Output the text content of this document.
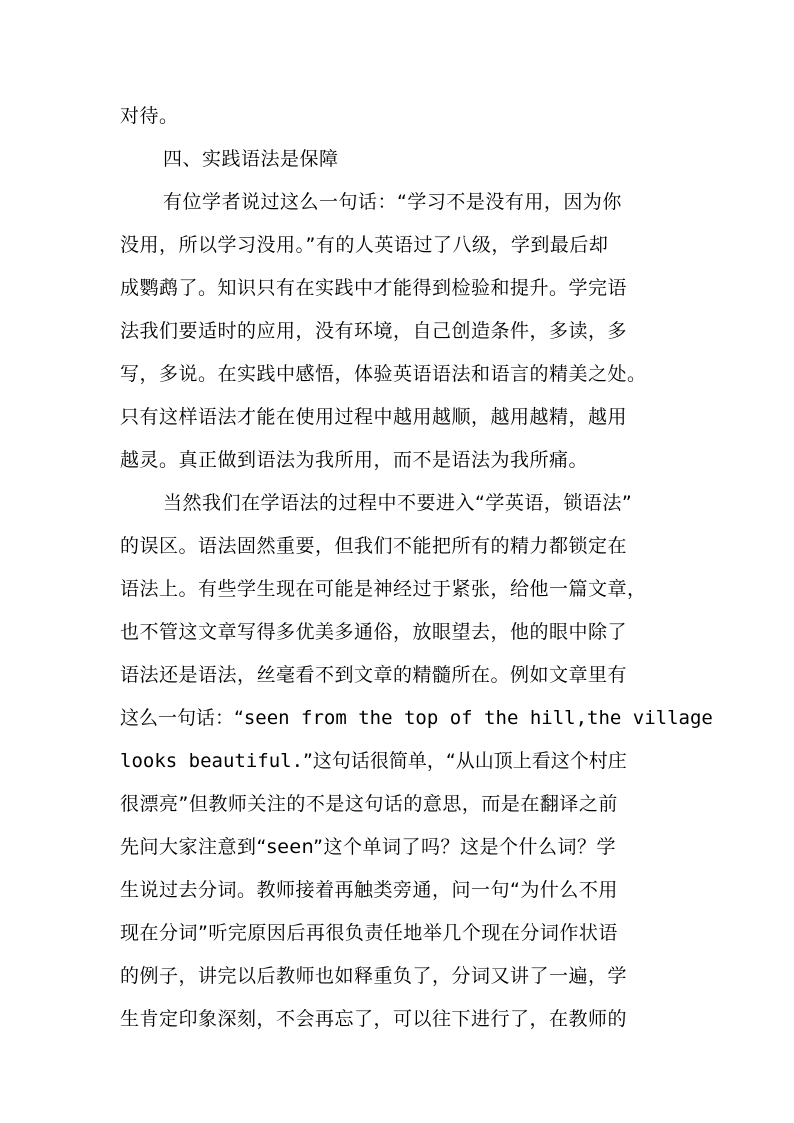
对待。
四、实践语法是保障
有位学者说过这么一句话：“学习不是没有用，因为你
没用，所以学习没用。”有的人英语过了八级，学到最后却
成鹦鹉了。知识只有在实践中才能得到检验和提升。学完语
法我们要适时的应用，没有环境，自己创造条件，多读，多
写，多说。在实践中感悟，体验英语语法和语言的精美之处。
只有这样语法才能在使用过程中越用越顺，越用越精，越用
越灵。真正做到语法为我所用，而不是语法为我所痛。
当然我们在学语法的过程中不要进入“学英语，锁语法”
的误区。语法固然重要，但我们不能把所有的精力都锁定在
语法上。有些学生现在可能是神经过于紧张，给他一篇文章，
也不管这文章写得多优美多通俗，放眼望去，他的眼中除了
语法还是语法，丝毫看不到文章的精髓所在。例如文章里有
这么一句话：“seen from the top of the hill,the village
looks beautiful.”这句话很简单，“从山顶上看这个村庄
很漂亮”但教师关注的不是这句话的意思，而是在翻译之前
先问大家注意到“seen”这个单词了吗？这是个什么词？学
生说过去分词。教师接着再触类旁通，问一句“为什么不用
现在分词”听完原因后再很负责任地举几个现在分词作状语
的例子，讲完以后教师也如释重负了，分词又讲了一遍，学
生肯定印象深刻，不会再忘了，可以往下进行了，在教师的
